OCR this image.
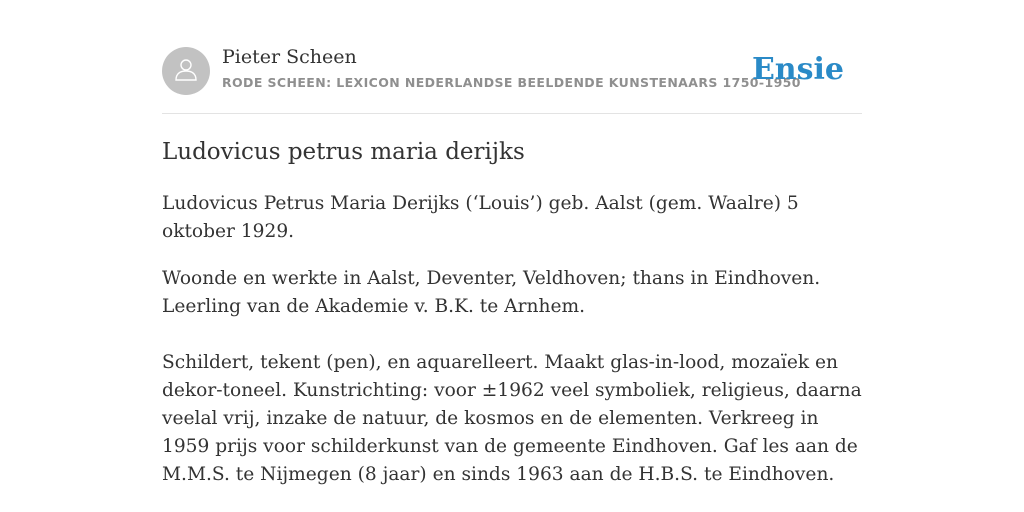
Pieter Scheen
RODE SCHEEN: LEXICON NEDERLANDSE BEELDENDE KUNSTENAARS 1750-1950
Ensie
Ludovicus petrus maria derijks

Ludovicus Petrus Maria Derijks (‘Louis’) geb. Aalst (gem. Waalre) 5 oktober 1929.

Woonde en werkte in Aalst, Deventer, Veldhoven; thans in Eindhoven. Leerling van de Akademie v. B.K. te Arnhem.

Schildert, tekent (pen), en aquarelleert. Maakt glas-in-lood, mozaïek en dekor-toneel. Kunstrichting: voor ±1962 veel symboliek, religieus, daarna veelal vrij, inzake de natuur, de kosmos en de elementen. Verkreeg in 1959 prijs voor schilderkunst van de gemeente Eindhoven. Gaf les aan de M.M.S. te Nijmegen (8 jaar) en sinds 1963 aan de H.B.S. te Eindhoven.
